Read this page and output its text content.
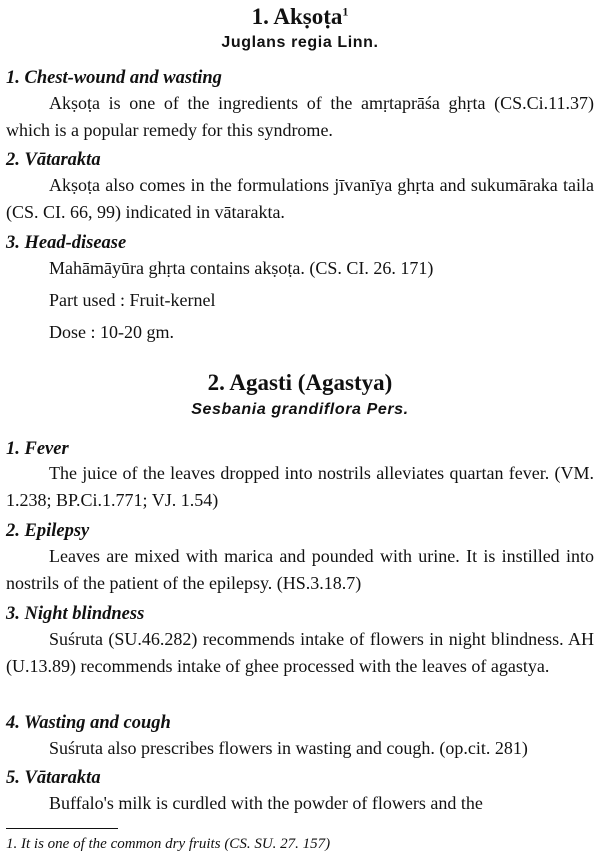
1. Akṣoṭa$^1$

Juglans regia Linn.

1. Chest-wound and wasting

Akṣoṭa is one of the ingredients of the amṛtaprāśa ghṛta (CS.Ci.11.37) which is a popular remedy for this syndrome.

2. Vātarakta

Akṣoṭa also comes in the formulations jīvanīya ghṛta and sukumāraka taila (CS. CI. 66, 99) indicated in vātarakta.

3. Head-disease

Mahāmāyūra ghṛta contains akṣoṭa. (CS. CI. 26. 171)

Part used : Fruit-kernel

Dose : 10-20 gm.

2. Agasti (Agastya)

Sesbania grandiflora Pers.

1. Fever

The juice of the leaves dropped into nostrils alleviates quartan fever. (VM. 1.238; BP.Ci.1.771; VJ. 1.54)

2. Epilepsy

Leaves are mixed with marica and pounded with urine. It is instilled into nostrils of the patient of the epilepsy. (HS.3.18.7)

3. Night blindness

Suśruta (SU.46.282) recommends intake of flowers in night blindness. AH (U.13.89) recommends intake of ghee processed with the leaves of agastya.

4. Wasting and cough

Suśruta also prescribes flowers in wasting and cough. (op.cit. 281)

5. Vātarakta

Buffalo's milk is curdled with the powder of flowers and the

1. It is one of the common dry fruits (CS. SU. 27. 157)
